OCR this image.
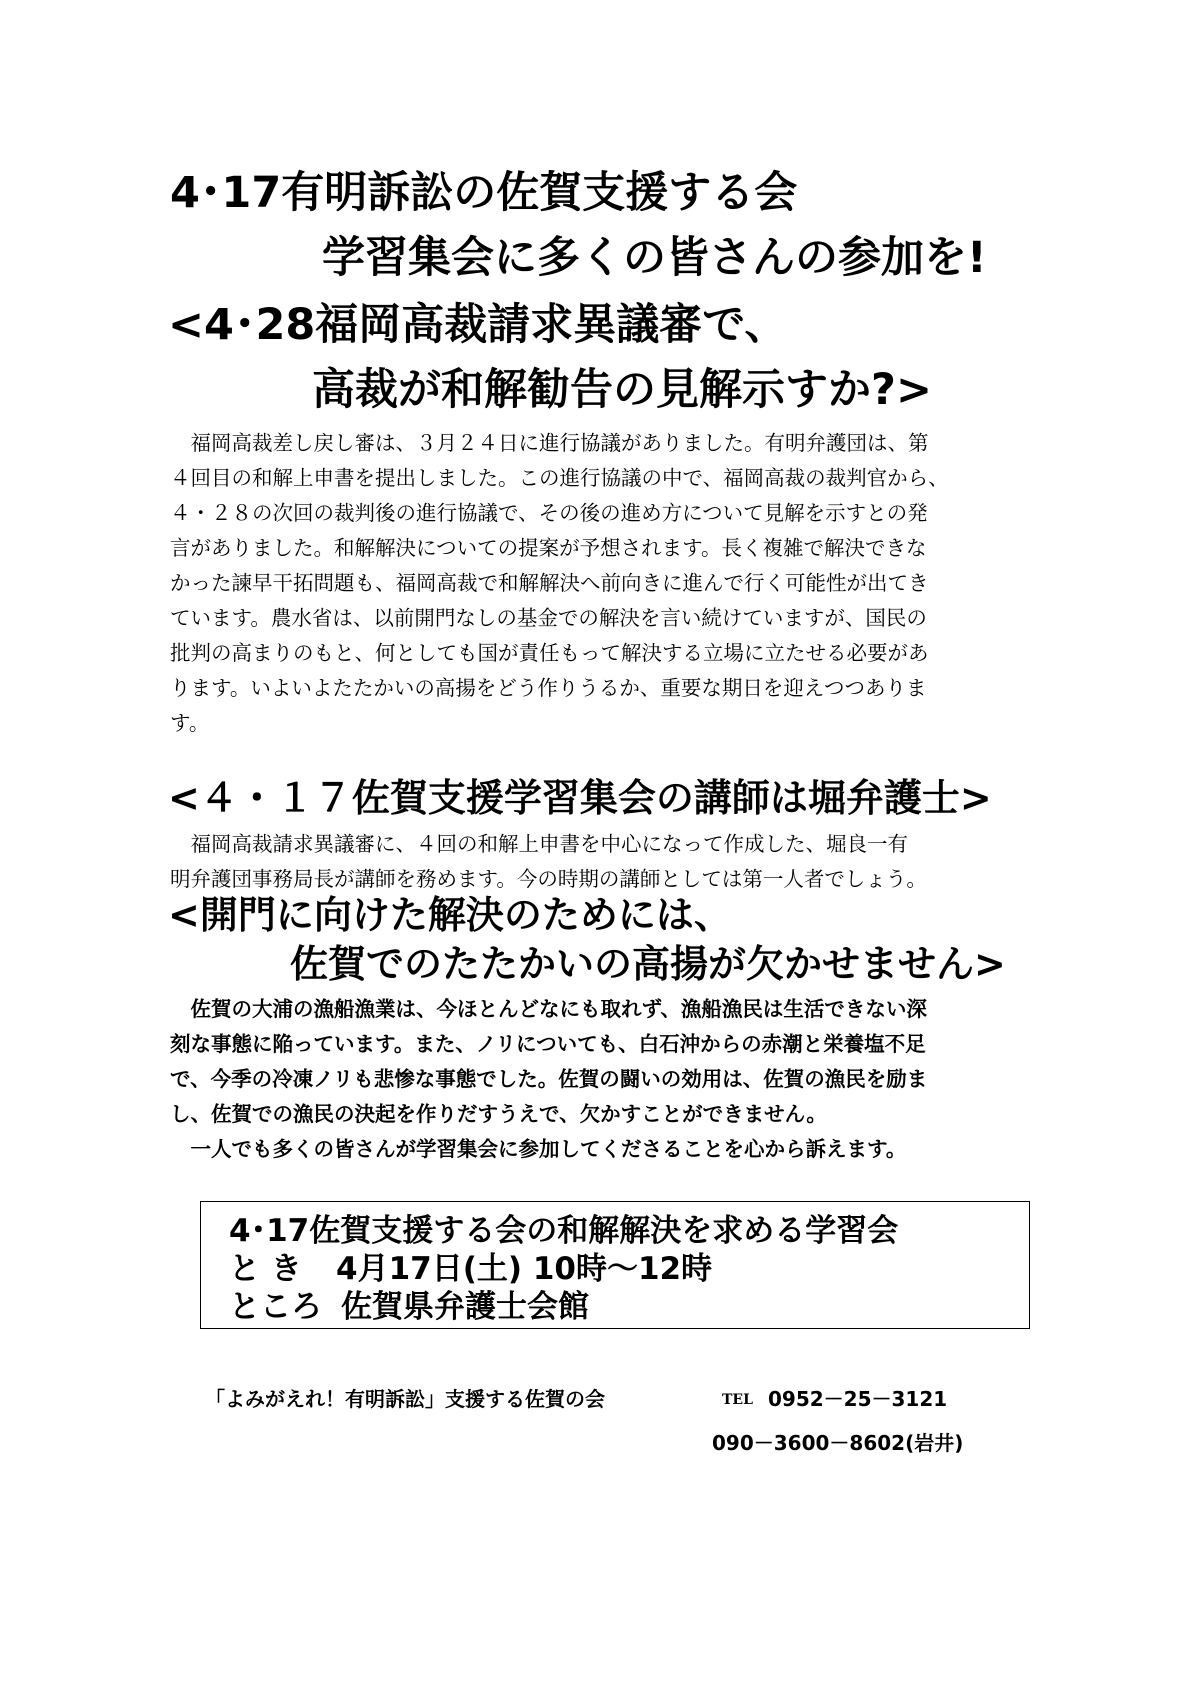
4･17有明訴訟の佐賀支援する会
学習集会に多くの皆さんの参加を!
<4･28福岡高裁請求異議審で、
高裁が和解勧告の見解示すか?>
　福岡高裁差し戻し審は、３月２４日に進行協議がありました。有明弁護団は、第
４回目の和解上申書を提出しました。この進行協議の中で、福岡高裁の裁判官から、
４・２８の次回の裁判後の進行協議で、その後の進め方について見解を示すとの発
言がありました。和解解決についての提案が予想されます。長く複雑で解決できな
かった諫早干拓問題も、福岡高裁で和解解決へ前向きに進んで行く可能性が出てき
ています。農水省は、以前開門なしの基金での解決を言い続けていますが、国民の
批判の高まりのもと、何としても国が責任もって解決する立場に立たせる必要があ
ります。いよいよたたかいの高揚をどう作りうるか、重要な期日を迎えつつありま
す。
<４・１７佐賀支援学習集会の講師は堀弁護士>
　福岡高裁請求異議審に、４回の和解上申書を中心になって作成した、堀良一有
明弁護団事務局長が講師を務めます。今の時期の講師としては第一人者でしょう。
<開門に向けた解決のためには、
佐賀でのたたかいの高揚が欠かせません>
　佐賀の大浦の漁船漁業は、今ほとんどなにも取れず、漁船漁民は生活できない深
刻な事態に陥っています。また、ノリについても、白石沖からの赤潮と栄養塩不足
で、今季の冷凍ノリも悲惨な事態でした。佐賀の闘いの効用は、佐賀の漁民を励ま
し、佐賀での漁民の決起を作りだすうえで、欠かすことができません。
　一人でも多くの皆さんが学習集会に参加してくださることを心から訴えます。
4･17佐賀支援する会の和解解決を求める学習会
と き 4月17日(土) 10時～12時
ところ 佐賀県弁護士会館
「よみがえれ！有明訴訟」支援する佐賀の会	TEL 0952－25－3121
090－3600－8602(岩井)
